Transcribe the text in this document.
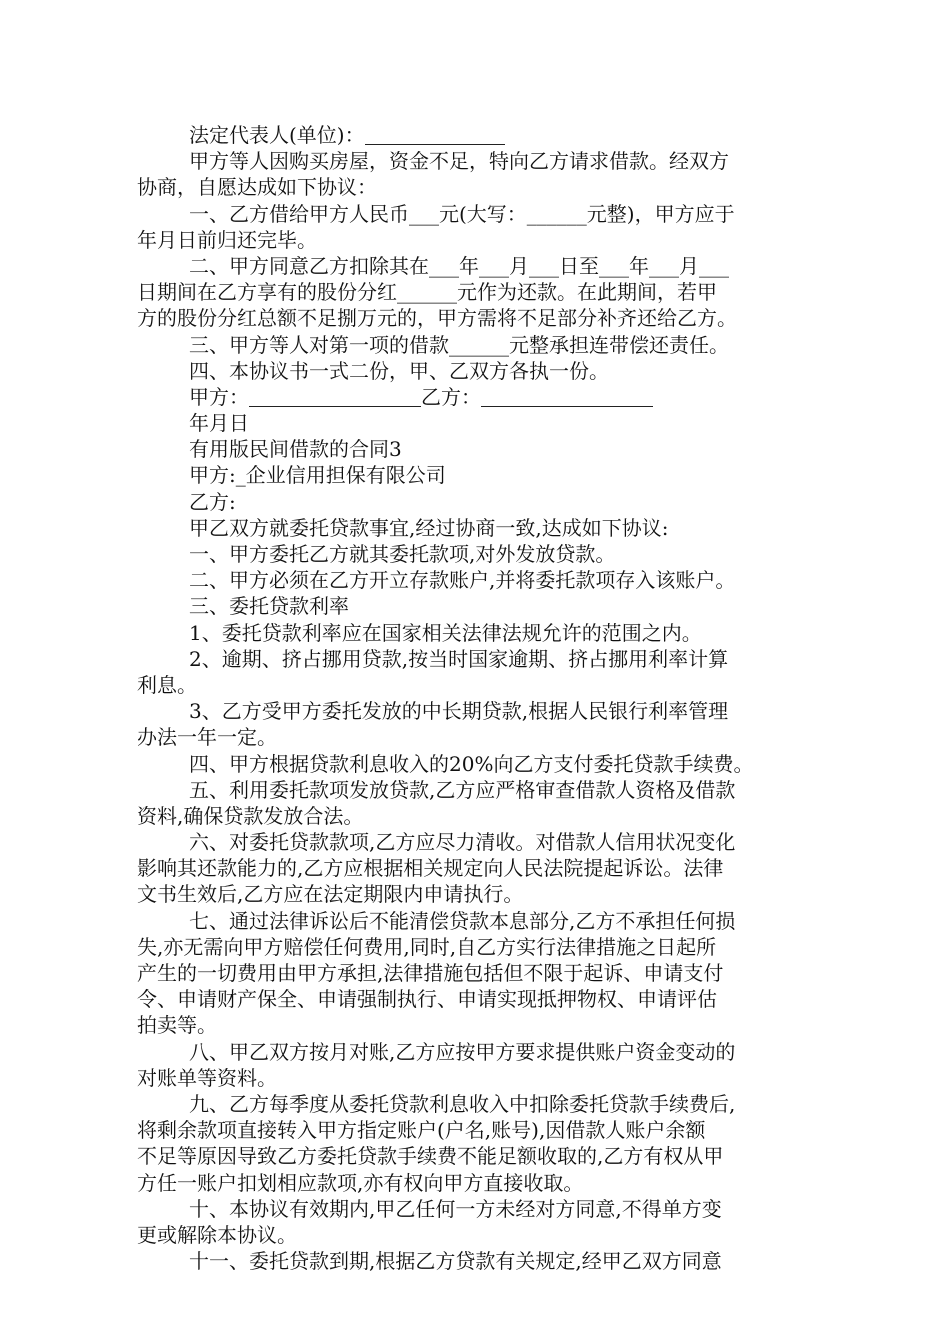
法定代表人(单位)：
甲方等人因购买房屋，资金不足，特向乙方请求借款。经双方
协商，自愿达成如下协议：
一、乙方借给甲方人民币___元(大写：______元整)，甲方应于
年月日前归还完毕。
二、甲方同意乙方扣除其在___年___月___日至___年___月___
日期间在乙方享有的股份分红______元作为还款。在此期间，若甲
方的股份分红总额不足捌万元的，甲方需将不足部分补齐还给乙方。
三、甲方等人对第一项的借款______元整承担连带偿还责任。
四、本协议书一式二份，甲、乙双方各执一份。
甲方：	乙方：
年月日
有用版民间借款的合同3
甲方:_企业信用担保有限公司
乙方:
甲乙双方就委托贷款事宜,经过协商一致,达成如下协议:
一、甲方委托乙方就其委托款项,对外发放贷款。
二、甲方必须在乙方开立存款账户,并将委托款项存入该账户。
三、委托贷款利率
1、委托贷款利率应在国家相关法律法规允许的范围之内。
2、逾期、挤占挪用贷款,按当时国家逾期、挤占挪用利率计算
利息。
3、乙方受甲方委托发放的中长期贷款,根据人民银行利率管理
办法一年一定。
四、甲方根据贷款利息收入的20%向乙方支付委托贷款手续费。
五、利用委托款项发放贷款,乙方应严格审查借款人资格及借款
资料,确保贷款发放合法。
六、对委托贷款款项,乙方应尽力清收。对借款人信用状况变化
影响其还款能力的,乙方应根据相关规定向人民法院提起诉讼。法律
文书生效后,乙方应在法定期限内申请执行。
七、通过法律诉讼后不能清偿贷款本息部分,乙方不承担任何损
失,亦无需向甲方赔偿任何费用,同时,自乙方实行法律措施之日起所
产生的一切费用由甲方承担,法律措施包括但不限于起诉、申请支付
令、申请财产保全、申请强制执行、申请实现抵押物权、申请评估
拍卖等。
八、甲乙双方按月对账,乙方应按甲方要求提供账户资金变动的
对账单等资料。
九、乙方每季度从委托贷款利息收入中扣除委托贷款手续费后,
将剩余款项直接转入甲方指定账户(户名,账号),因借款人账户余额
不足等原因导致乙方委托贷款手续费不能足额收取的,乙方有权从甲
方任一账户扣划相应款项,亦有权向甲方直接收取。
十、本协议有效期内,甲乙任何一方未经对方同意,不得单方变
更或解除本协议。
十一、委托贷款到期,根据乙方贷款有关规定,经甲乙双方同意
